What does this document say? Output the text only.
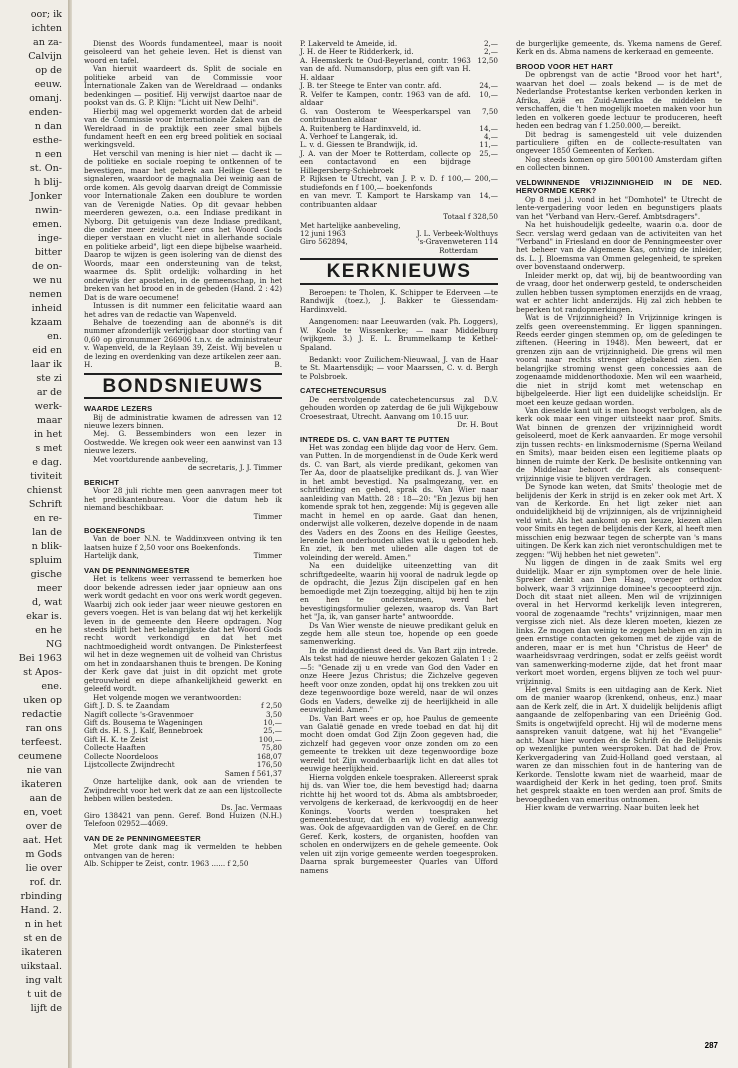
oor; ik
ichten
an za-
Calvijn
op de
eeuw.
omanj.
enden-
n dan
esthe-
n een
st. On-
h blij-
Jonker
nwin-
emen.
inge-
bitter
de on-
we nu
nemen
inheid
kzaam
en.
eid en
laar ik
ste zi
ar de
werk-
maar
in het
s met
e dag.
tiviteit
chienst
Schrift
en re-
lan de
n blik-
spluim
gische
meer
d, wat
ekar is.
en he
NG
Bei 1963
st Apos-
ene.
uken op
redactie
ran ons
terfeest.
ceumene
nie van
ikateren
aan de
en, voet
over de
aat. Het
m Gods
lie over
rof. dr.
rbinding
Hand. 2.
n in het
st en de
ikateren
uikstaal.
ing valt
t uit de
lijft de

Dienst des Woords fundamenteel, maar is nooit geisoleerd van het geheie leven. Het is dienst van woord en tafel.

Van hieruit waardeert ds. Split de sociale en politieke arbeid van de Commissie voor Internationale Zaken van de Wereldraad — ondanks bedenkingen — positief. Hij verwijst daartoe naar de pookst van ds. G. P. Klijn: "Licht uit New Delhi".

Hierbij mag wel opgemerkt worden dat de arbeid van de Commissie voor Internationale Zaken van de Wereldraad in de praktijk een zeer smal bijbels fundament heeft en een erg breed politiek en sociaal werkingsveld.

Het verschil van mening is hier niet — dacht ik — de politieke en sociale roeping te ontkennen of te bevestigen, maar het gebrek aan Heilige Geest te signaleren, waardoor de magnalia Dei weinig aan de orde komen. Als gevolg daarvan dreigt de Commissie voor Internationale Zaken een doublure te worden van de Verenigde Naties. Op dit gevaar hebben meerderen gewezen, o.a. een Indiase predikant in Nyborg. Dit getuigenis van deze Indiase predikant, die onder meer zeide: "Leer ons het Woord Gods dieper verstaan en vlucht niet in allerhande sociale en politieke arbeid", ligt een diepe bijbelse waarheid. Daarop te wijzen is geen isolering van de dienst des Woords, maar een ondersteuning van de tekst, waarmee ds. Split ordelijk: volharding in het onderwijs der apostelen, in de gemeenschap, in het breken van het brood en in de gebeden (Hand. 2 : 42) Dat is de ware oecumene!

Intussen is dit nummer een felicitatie waard aan het adres van de redactie van Wapenveld.

Behalve de toezending aan de abonné's is dit nummer afzonderlijk verkrijgbaar door storting van f 0,60 op gironummer 266906 t.n.v. de administrateur v. Wapenveld, de la Reylaan 39, Zeist. Wij bevelen u de lezing en overdenking van deze artikelen zeer aan.

H.	B.
BONDSNIEUWS

WAARDE LEZERS

Bij de administratie kwamen de adressen van 12 nieuwe lezers binnen.

Mej. G. Bessembinders won een lezer in Oostwedde. We kregen ook weer een aanwinst van 13 nieuwe lezers.

Met voortdurende aanbeveling,

de secretaris, J. J. Timmer

BERICHT

Voor 28 juli richte men geen aanvragen meer tot het predikantenbureau. Voor die datum heb ik niemand beschikbaar.

Timmer

BOEKENFONDS

Van de boer N.N. te Waddinxveen ontving ik ten laatsen huize f 2,50 voor ons Boekenfonds.

Hartelijk dank,	Timmer

VAN DE PENNINGMEESTER

Het is telkens weer verrassend te bemerken hoe door bekende adressen ieder jaar opnieuw aan ons werk wordt gedacht en voor ons werk wordt gegeven. Waarbij zich ook ieder jaar weer nieuwe gestoren en gevers voegen. Het is van belang dat wij het kerkelijk leven in de gemeente den Heere opdragen. Nog steeds blijft het het belangrijkste dat het Woord Gods recht wordt verkondigd en dat het met nachtmoedigheid wordt ontvangen. De Pinksterfeest wil het in deze wegnemen uit de volheid van Christus om het in zondaarshanen thuis te brengen. De Koning der Kerk gave dat juist in dit opzicht met grote getrouwheid en diepe afhankelijkheid gewerkt en geleefd wordt.

Het volgende mogen we verantwoorden:

Gift J. D. S. te Zaandam	f 2,50
Nagift collecte 's-Gravenmoer	3,50
Gift ds. Bousema te Wageningen	10,—
Gift ds. H. S. J. Kalf, Bennebroek	25,—
Gift H. K. te Zeist	100,—
Collecte Haaften	75,80
Collecte Noordeloos	168,07
Lijstcollecte Zwijndrecht	176,50

Samen f 561,37

Onze hartelijke dank, ook aan de vrienden te Zwijndrecht voor het werk dat ze aan een lijstcollecte hebben willen besteden.

Ds. Jac. Vermaas

Giro 138421 van penn. Geref. Bond Huizen (N.H.) Telefoon 02952—4069.

VAN DE 2e PENNINGMEESTER

Met grote dank mag ik vermelden te hebben ontvangen van de heren:

Alb. Schipper te Zeist, contr. 1963 ...... f 2,50

P. Lakerveld te Ameide, id.	2,—
J. H. de Heer te Ridderkerk, id.	2,—
A. Heemskerk te Oud-Beyerland, contr. 1963 van de afd. Numansdorp, plus een gift van H. H. aldaar	12,50
J. B. ter Steege te Enter van contr. afd.	24,—
R. Velfer te Kampen, contr. 1963 van de afd. aldaar	10,—
G. van Oosterom te Weesperkarspel van contribuanten aldaar	7,50
A. Ruitenberg te Hardinxveld, id.	14,—
A. Verhoef te Langerak, id.	4,—
L. v. d. Giessen te Brandwijk, id.	11,—
J. A. van der Moer te Rotterdam, collecte op een contactavond en een bijdrage Hillegersberg-Schiebroek	25,—
P. Rijksen te Utrecht, van J. P. v. D. f 100,— studiefonds en f 100,— boekenfonds	200,—
en van mevr. T. Kamport te Harskamp van contribuanten aldaar	14,—

Totaal f 328,50

Met hartelijke aanbeveling,

12 juni 1963	J. L. Verbeek-Wolthuys
Giro 562894,	's-Gravenweteren 114

Rotterdam

KERKNIEUWS

Beroepen: te Tholen, K. Schipper te Ederveen —te Randwijk (toez.), J. Bakker te Giessendam-Hardinxveld.

Aangenomen: naar Leeuwarden (vak. Ph. Loggers), W. Koole te Wissenkerke; — naar Middelburg (wijkgem. 3.) J. E. L. Brummelkamp te Kethel-Spaland.

Bedankt: voor Zuilichem-Nieuwaal, J. van de Haar te St. Maartensdijk; — voor Maarssen, C. v. d. Bergh te Polsbroek.

CATECHETENCURSUS

De eerstvolgende catechetencursus zal D.V. gehouden worden op zaterdag de 6e juli Wijkgebouw Croesestraat, Utrecht. Aanvang om 10.15 uur.

Dr. H. Bout

INTREDE DS. C. VAN BART TE PUTTEN

Het was zondag een blijde dag voor de Herv. Gem. van Putten. In de morgendienst in de Oude Kerk werd ds. C. van Bart, als vierde predikant, gekomen van Ter Aa, door de plaatselijke predikant ds. J. van Wier in het ambt bevestigd. Na psalmgezang, ver. en schriftlezing en gebed, sprak ds. Van Wier naar aanleiding van Matth. 28 : 18—20: "En Jezus bij hen komende sprak tot hen, zeggende: Mij is gegeven alle macht in hemel en op aarde. Gaat dan henen, onderwijst alle volkeren, dezelve dopende in de naam des Vaders en des Zoons en des Heilige Geestes, lerende hen onderhouden alles wat ik u geboden heb. En ziet, ik ben met ulieden alle dagen tot de voleinding der wereld. Amen."

Na een duidelijke uiteenzetting van dit schriftgedeelte, waarin hij vooral de nadruk legde op de opdracht, die Jezus Zijn discipelen gaf en hen bemoedigde met Zijn toezegging, altijd bij hen te zijn en hen te ondersteunen, werd het bevestigingsformulier gelezen, waarop ds. Van Bart het "Ja, ik, van ganser harte" antwoordde.

Ds Van Wier wenste de nieuwe predikant geluk en zegde hem alle steun toe, hopende op een goede samenwerking.

In de middagdienst deed ds. Van Bart zijn intrede. Als tekst had de nieuwe herder gekozen Galaten 1 : 2—5: "Genade zij u en vrede van God den Vader en onze Heere Jezus Christus; die Zichzelve gegeven heeft voor onze zonden, opdat hij ons trekken zou uit deze tegenwoordige boze wereld, naar de wil onzes Gods en Vaders, dewelke zij de heerlijkheid in alle eeuwigheid. Amen."

Ds. Van Bart wees er op, hoe Paulus de gemeente van Galatië genade en vrede toebad en dat hij dit mocht doen omdat God Zijn Zoon gegeven had, die zichzelf had gegeven voor onze zonden om zo een gemeente te trekken uit deze tegenwoordige boze wereld tot Zijn wonderbaarlijk licht en dat alles tot eeuwige heerlijkheid.

Hierna volgden enkele toespraken. Allereerst sprak hij ds. van Wier toe, die hem bevestigd had; daarna richtte hij het woord tot ds. Abma als ambtsbroeder, vervolgens de kerkeraad, de kerkvoogdij en de heer Konings. Voorts werden toespraken het gemeentebestuur, dat (h en w) volledig aanwezig was. Ook de afgevaardigden van de Geref. en de Chr. Geref. Kerk, kosters, de organisten, hoofden van scholen en onderwijzers en de gehele gemeente. Ook velen uit zijn vorige gemeente werden toegesproken. Daarna sprak burgemeester Quarles van Ufford namens

de burgerlijke gemeente, ds. Ykema namens de Geref. Kerk en ds. Abma namens de kerkeraad en gemeente.

BROOD VOOR HET HART

De opbrengst van de actie "Brood voor het hart", waarvan het doel — zoals bekend — is de met de Nederlandse Protestantse kerken verbonden kerken in Afrika, Azië en Zuid-Amerika de middelen te verschaffen, die 't hen mogelijk moeten maken voor hun leden en volkeren goede lectuur te produceren, heeft heden een bedrag van f 1.250.000,— bereikt.

Dit bedrag is samengesteld uit vele duizenden particuliere giften en de collecte-resultaten van ongeveer 1850 Gemeenten of Kerken.

Nog steeds komen op giro 500100 Amsterdam giften en collecten binnen.

VELDWINNENDE VRIJZINNIGHEID IN DE NED. HERVORMDE KERK?

Op 8 mei j.l. vond in het "Domhotel" te Utrecht de lente-vergadering voor leden en begunstigers plaats van het "Verband van Herv.-Geref. Ambtsdragers".

Na het huishoudelijk gedeelte, waarin o.a. door de Secr. verslag werd gedaan van de activiteiten van het "Verband" in Friesland en door de Penningmeester over het beheer van de Algemene Kas, ontving de inleider, ds. L. J. Bloemsma van Ommen gelegenheid, te spreken over bovenstaand onderwerp.

Inleider merkt op, dat wij, bij de beantwoording van de vraag, door het onderwerp gesteld, te onderscheiden zullen hebben tussen symptomen enerzijds en de vraag, wat er achter licht anderzijds. Hij zal zich hebben te beperken tot randopmerkingen.

Wat is de Vrijzinnigheid? In Vrijzinnige kringen is zelfs geen overeenstemming. Er liggen spanningen. Reeds eerder gingen stemmen op, om de geledingen te ziftenen. (Heering in 1948). Men beweert, dat er grenzen zijn aan de vrijzinnigheid. Die grens wil men vooral naar rechts strenger afgebakend zien. Een belangrijke stroming wenst geen concessies aan de zogenaamde middenorthodoxie. Men wil een waarheid, die niet in strijd komt met wetenschap en bijbelgeleerde. Hier ligt een duidelijke scheidslijn. Er moet een keuze gedaan worden.

Van dieselde kant uit is men hoogst verbolgen, als de kerk ook maar een vinger uitsteekt naar prof. Smits. Wat binnen de grenzen der vrijzinnigheid wordt geïsoleerd, moet de Kerk aanvaarden. Er moge versohil zijn tussen rechts- en linksmodernisme (Sperna Weiland en Smits), maar beiden eisen een legitieme plaats op binnen de ruimte der Kerk. De beslisite ontkenning van de Middelaar behoort de Kerk als consequent-vrijzinnige visie te blijven verdragen.

De Synode kan weten, dat Smits' theologie met de belijdenis der Kerk in strijd is en zeker ook met Art. X van de Kerkorde. En het ligt zeker niet aan onduidelijkheid bij de vrijzinnigen, als de vrijzinnigheid veld wint. Als het aankomt op een keuze, kiezen allen voor Smits en tegen de belijdenis der Kerk, al heeft men misschien enig bezwaar tegen de scherpte van 's mans uitingen. De Kerk kan zich niet verontschuldigen met te zeggen: "Wij hebben het niet geweten".

Nu liggen de dingen in de zaak Smits wel erg duidelijk. Maar er zijn symptomen over de hele linie. Spreker denkt aan Den Haag, vroeger orthodox bolwerk, waar 3 vrijzinnige dominee's gecoopteerd zijn. Doch dit staat niet alleen. Men wil de vrijzinnigen overal in het Hervormd kerkelijk leven integreren, vooral de zogenaamde "rechts" vrijzinnigen, maar men vergisse zich niet. Als deze kleren moeten, kiezen ze links. Ze mogen dan weinig te zeggen hebben en zijn in geen ernstige contacten gekomen met de zijde van de anderen, maar er is met hun "Christus de Heer" de waarheidsvraag verdringen, sodat er zelfs geëist wordt van samenwerking-moderne zijde, dat het front maar verkort moet worden, ergens blijven ze toch wel puur-vrijzinnig.

Het geval Smits is een uitdaging aan de Kerk. Niet om de manier waarop (krenkend, onheus, enz.) maar aan de Kerk zelf, die in Art. X duidelijk belijdenis afligt aangaande de zelfopenbaring van een Drieënig God. Smits is ongetwijfeld oprecht. Hij wil de moderne mens aanspreken vanuit datgene, wat hij het "Evangelie" acht. Maar hier worden én de Schrift én de Belijdenis op wezenlijke punten weersproken. Dat had de Prov. Kerkvergadering van Zuid-Holland goed verstaan, al waren ze dan misschien fout in de hantering van de Kerkorde. Tenslotte kwam niet de waarheid, maar de waardigheid der Kerk in het geding, toen prof. Smits het gesprek staakte en toen werden aan prof. Smits de bevoegdheden van emeritus ontnomen.

Hier kwam de verwarring. Naar buiten leek het

287
